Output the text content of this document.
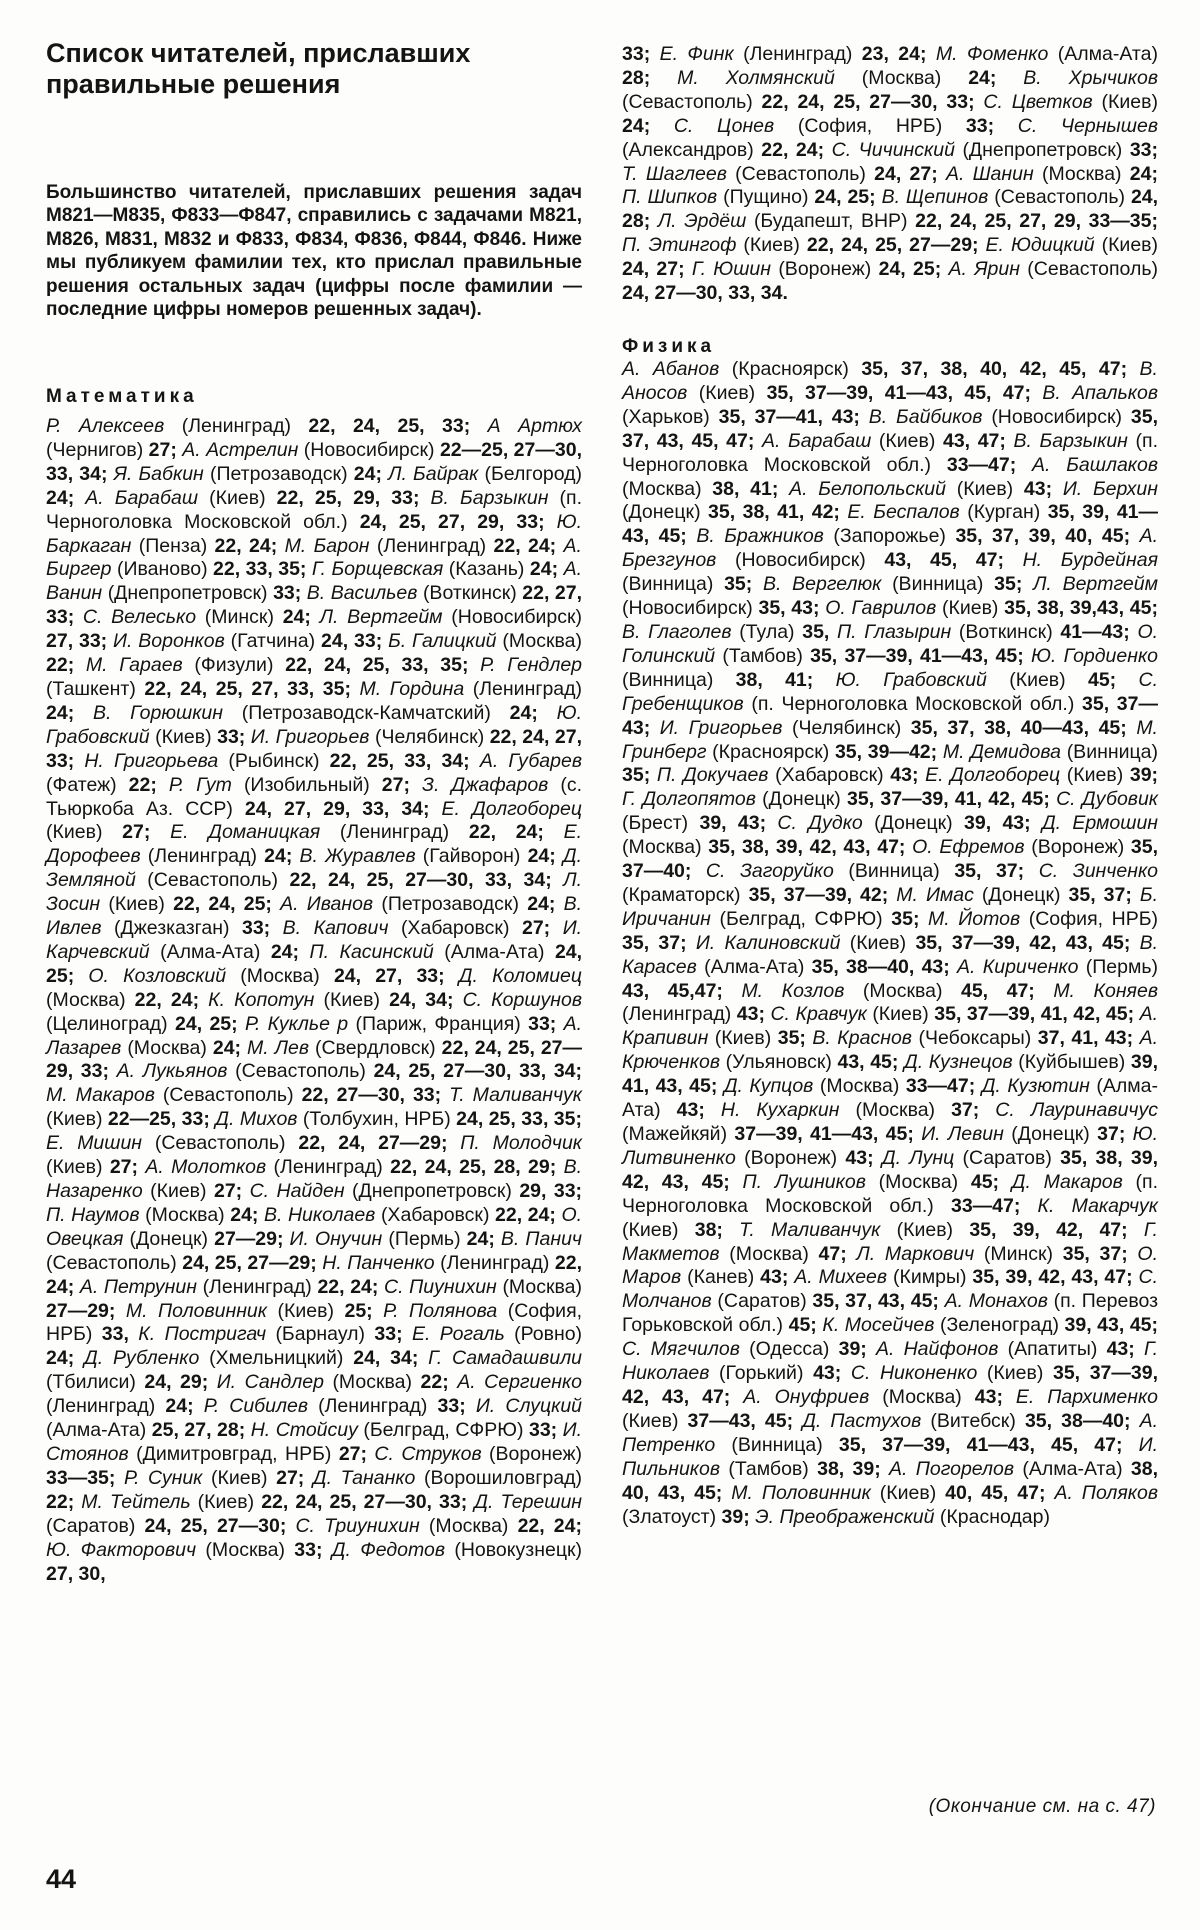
Список читателей, приславших
правильные решения
Большинство читателей, приславших решения задач М821—М835, Ф833—Ф847, справились с задачами М821, М826, М831, М832 и Ф833, Ф834, Ф836, Ф844, Ф846. Ниже мы публикуем фамилии тех, кто прислал правильные решения остальных задач (цифры после фамилии — последние цифры номеров решенных задач).
Математика
Р. Алексеев (Ленинград) 22, 24, 25, 33; А Артюх (Чернигов) 27; А. Астрелин (Новосибирск) 22—25, 27—30, 33, 34; Я. Бабкин (Петрозаводск) 24; Л. Байрак (Белгород) 24; А. Барабаш (Киев) 22, 25, 29, 33; В. Барзыкин (п. Черноголовка Московской обл.) 24, 25, 27, 29, 33; Ю. Баркаган (Пенза) 22, 24; М. Барон (Ленинград) 22, 24; А. Биргер (Иваново) 22, 33, 35; Г. Борщевская (Казань) 24; А. Ванин (Днепропетровск) 33; В. Васильев (Воткинск) 22, 27, 33; С. Велесько (Минск) 24; Л. Вертгейм (Новосибирск) 27, 33; И. Воронков (Гатчина) 24, 33; Б. Галицкий (Москва) 22; М. Гараев (Физули) 22, 24, 25, 33, 35; Р. Гендлер (Ташкент) 22, 24, 25, 27, 33, 35; М. Гордина (Ленинград) 24; В. Горюшкин (Петрозаводск-Камчатский) 24; Ю. Грабовский (Киев) 33; И. Григорьев (Челябинск) 22, 24, 27, 33; Н. Григорьева (Рыбинск) 22, 25, 33, 34; А. Губарев (Фатеж) 22; Р. Гут (Изобильный) 27; З. Джафаров (с. Тьюркоба Аз. ССР) 24, 27, 29, 33, 34; Е. Долгоборец (Киев) 27; Е. Доманицкая (Ленинград) 22, 24; Е. Дорофеев (Ленинград) 24; В. Журавлев (Гайворон) 24; Д. Земляной (Севастополь) 22, 24, 25, 27—30, 33, 34; Л. Зосин (Киев) 22, 24, 25; А. Иванов (Петрозаводск) 24; В. Ивлев (Джезказган) 33; В. Капович (Хабаровск) 27; И. Карчевский (Алма-Ата) 24; П. Касинский (Алма-Ата) 24, 25; О. Козловский (Москва) 24, 27, 33; Д. Коломиец (Москва) 22, 24; К. Копотун (Киев) 24, 34; С. Коршунов (Целиноград) 24, 25; Р. Куклье р (Париж, Франция) 33; А. Лазарев (Москва) 24; М. Лев (Свердловск) 22, 24, 25, 27—29, 33; А. Лукьянов (Севастополь) 24, 25, 27—30, 33, 34; М. Макаров (Севастополь) 22, 27—30, 33; Т. Маливанчук (Киев) 22—25, 33; Д. Михов (Толбухин, НРБ) 24, 25, 33, 35; Е. Мишин (Севастополь) 22, 24, 27—29; П. Молодчик (Киев) 27; А. Молотков (Ленинград) 22, 24, 25, 28, 29; В. Назаренко (Киев) 27; С. Найден (Днепропетровск) 29, 33; П. Наумов (Москва) 24; В. Николаев (Хабаровск) 22, 24; О. Овецкая (Донецк) 27—29; И. Онучин (Пермь) 24; В. Панич (Севастополь) 24, 25, 27—29; Н. Панченко (Ленинград) 22, 24; А. Петрунин (Ленинград) 22, 24; С. Пиунихин (Москва) 27—29; М. Половинник (Киев) 25; Р. Полянова (София, НРБ) 33, К. Постригач (Барнаул) 33; Е. Рогаль (Ровно) 24; Д. Рубленко (Хмельницкий) 24, 34; Г. Самадашвили (Тбилиси) 24, 29; И. Сандлер (Москва) 22; А. Сергиенко (Ленинград) 24; Р. Сибилев (Ленинград) 33; И. Слуцкий (Алма-Ата) 25, 27, 28; Н. Стойсиу (Белград, СФРЮ) 33; И. Стоянов (Димитровград, НРБ) 27; С. Струков (Воронеж) 33—35; Р. Суник (Киев) 27; Д. Тананко (Ворошиловград) 22; М. Тейтель (Киев) 22, 24, 25, 27—30, 33; Д. Терешин (Саратов) 24, 25, 27—30; С. Триунихин (Москва) 22, 24; Ю. Факторович (Москва) 33; Д. Федотов (Новокузнецк) 27, 30,
44
33; Е. Финк (Ленинград) 23, 24; М. Фоменко (Алма-Ата) 28; М. Холмянский (Москва) 24; В. Хрычиков (Севастополь) 22, 24, 25, 27—30, 33; С. Цветков (Киев) 24; С. Цонев (София, НРБ) 33; С. Чернышев (Александров) 22, 24; С. Чичинский (Днепропетровск) 33; Т. Шаглеев (Севастополь) 24, 27; А. Шанин (Москва) 24; П. Шипков (Пущино) 24, 25; В. Щепинов (Севастополь) 24, 28; Л. Эрдёш (Будапешт, ВНР) 22, 24, 25, 27, 29, 33—35; П. Этингоф (Киев) 22, 24, 25, 27—29; Е. Юдицкий (Киев) 24, 27; Г. Юшин (Воронеж) 24, 25; А. Ярин (Севастополь) 24, 27—30, 33, 34.
Физика
А. Абанов (Красноярск) 35, 37, 38, 40, 42, 45, 47; В. Аносов (Киев) 35, 37—39, 41—43, 45, 47; В. Апальков (Харьков) 35, 37—41, 43; В. Байбиков (Новосибирск) 35, 37, 43, 45, 47; А. Барабаш (Киев) 43, 47; В. Барзыкин (п. Черноголовка Московской обл.) 33—47; А. Башлаков (Москва) 38, 41; А. Белопольский (Киев) 43; И. Берхин (Донецк) 35, 38, 41, 42; Е. Беспалов (Курган) 35, 39, 41—43, 45; В. Бражников (Запорожье) 35, 37, 39, 40, 45; А. Брезгунов (Новосибирск) 43, 45, 47; Н. Бурдейная (Винница) 35; В. Вергелюк (Винница) 35; Л. Вертгейм (Новосибирск) 35, 43; О. Гаврилов (Киев) 35, 38, 39,43, 45; В. Глаголев (Тула) 35, П. Глазырин (Воткинск) 41—43; О. Голинский (Тамбов) 35, 37—39, 41—43, 45; Ю. Гордиенко (Винница) 38, 41; Ю. Грабовский (Киев) 45; С. Гребенщиков (п. Черноголовка Московской обл.) 35, 37—43; И. Григорьев (Челябинск) 35, 37, 38, 40—43, 45; М. Гринберг (Красноярск) 35, 39—42; М. Демидова (Винница) 35; П. Докучаев (Хабаровск) 43; Е. Долгоборец (Киев) 39; Г. Долгопятов (Донецк) 35, 37—39, 41, 42, 45; С. Дубовик (Брест) 39, 43; С. Дудко (Донецк) 39, 43; Д. Ермошин (Москва) 35, 38, 39, 42, 43, 47; О. Ефремов (Воронеж) 35, 37—40; С. Загоруйко (Винница) 35, 37; С. Зинченко (Краматорск) 35, 37—39, 42; М. Имас (Донецк) 35, 37; Б. Иричанин (Белград, СФРЮ) 35; М. Йотов (София, НРБ) 35, 37; И. Калиновский (Киев) 35, 37—39, 42, 43, 45; В. Карасев (Алма-Ата) 35, 38—40, 43; А. Кириченко (Пермь) 43, 45,47; М. Козлов (Москва) 45, 47; М. Коняев (Ленинград) 43; С. Кравчук (Киев) 35, 37—39, 41, 42, 45; А. Крапивин (Киев) 35; В. Краснов (Чебоксары) 37, 41, 43; А. Крюченков (Ульяновск) 43, 45; Д. Кузнецов (Куйбышев) 39, 41, 43, 45; Д. Купцов (Москва) 33—47; Д. Кузютин (Алма-Ата) 43; Н. Кухаркин (Москва) 37; С. Лауринавичус (Мажейкяй) 37—39, 41—43, 45; И. Левин (Донецк) 37; Ю. Литвиненко (Воронеж) 43; Д. Лунц (Саратов) 35, 38, 39, 42, 43, 45; П. Лушников (Москва) 45; Д. Макаров (п. Черноголовка Московской обл.) 33—47; К. Макарчук (Киев) 38; Т. Маливанчук (Киев) 35, 39, 42, 47; Г. Макметов (Москва) 47; Л. Маркович (Минск) 35, 37; О. Маров (Канев) 43; А. Михеев (Кимры) 35, 39, 42, 43, 47; С. Молчанов (Саратов) 35, 37, 43, 45; А. Монахов (п. Перевоз Горьковской обл.) 45; К. Мосейчев (Зеленоград) 39, 43, 45; С. Мягчилов (Одесса) 39; А. Найфонов (Апатиты) 43; Г. Николаев (Горький) 43; С. Никоненко (Киев) 35, 37—39, 42, 43, 47; А. Онуфриев (Москва) 43; Е. Пархименко (Киев) 37—43, 45; Д. Пастухов (Витебск) 35, 38—40; А. Петренко (Винница) 35, 37—39, 41—43, 45, 47; И. Пильников (Тамбов) 38, 39; А. Погорелов (Алма-Ата) 38, 40, 43, 45; М. Половинник (Киев) 40, 45, 47; А. Поляков (Златоуст) 39; Э. Преображенский (Краснодар)
(Окончание см. на с. 47)
